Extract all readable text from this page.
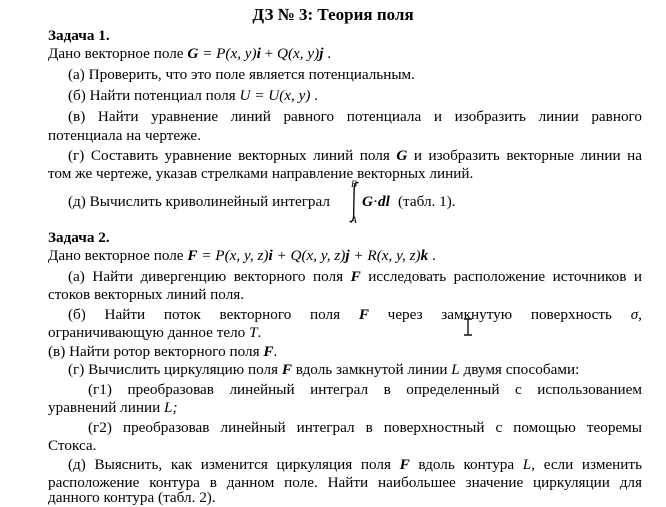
ДЗ № 3: Теория поля
Задача 1.
Дано векторное поле G = P(x, y)i + Q(x, y)j .
(а) Проверить, что это поле является потенциальным.
(б) Найти потенциал поля U = U(x, y) .
(в) Найти уравнение линий равного потенциала и изобразить линии равного
потенциала на чертеже.
(г) Составить уравнение векторных линий поля G и изобразить векторные линии на
том же чертеже, указав стрелками направление векторных линий.
(д) Вычислить криволинейный интеграл
B
A
G·dl (табл. 1).
Задача 2.
Дано векторное поле F = P(x, y, z)i + Q(x, y, z)j + R(x, y, z)k .
(а) Найти дивергенцию векторного поля F исследовать расположение источников и
стоков векторных линий поля.
(б) Найти поток векторного поля F через замкнутую поверхность σ,
ограничивающую данное тело T.
(в) Найти ротор векторного поля F.
(г) Вычислить циркуляцию поля F вдоль замкнутой линии L двумя способами:
(г1) преобразовав линейный интеграл в определенный с использованием
уравнений линии L;
(г2) преобразовав линейный интеграл в поверхностный с помощью теоремы
Стокса.
(д) Выяснить, как изменится циркуляция поля F вдоль контура L, если изменить
расположение контура в данном поле. Найти наибольшее значение циркуляции для
данного контура (табл. 2).
